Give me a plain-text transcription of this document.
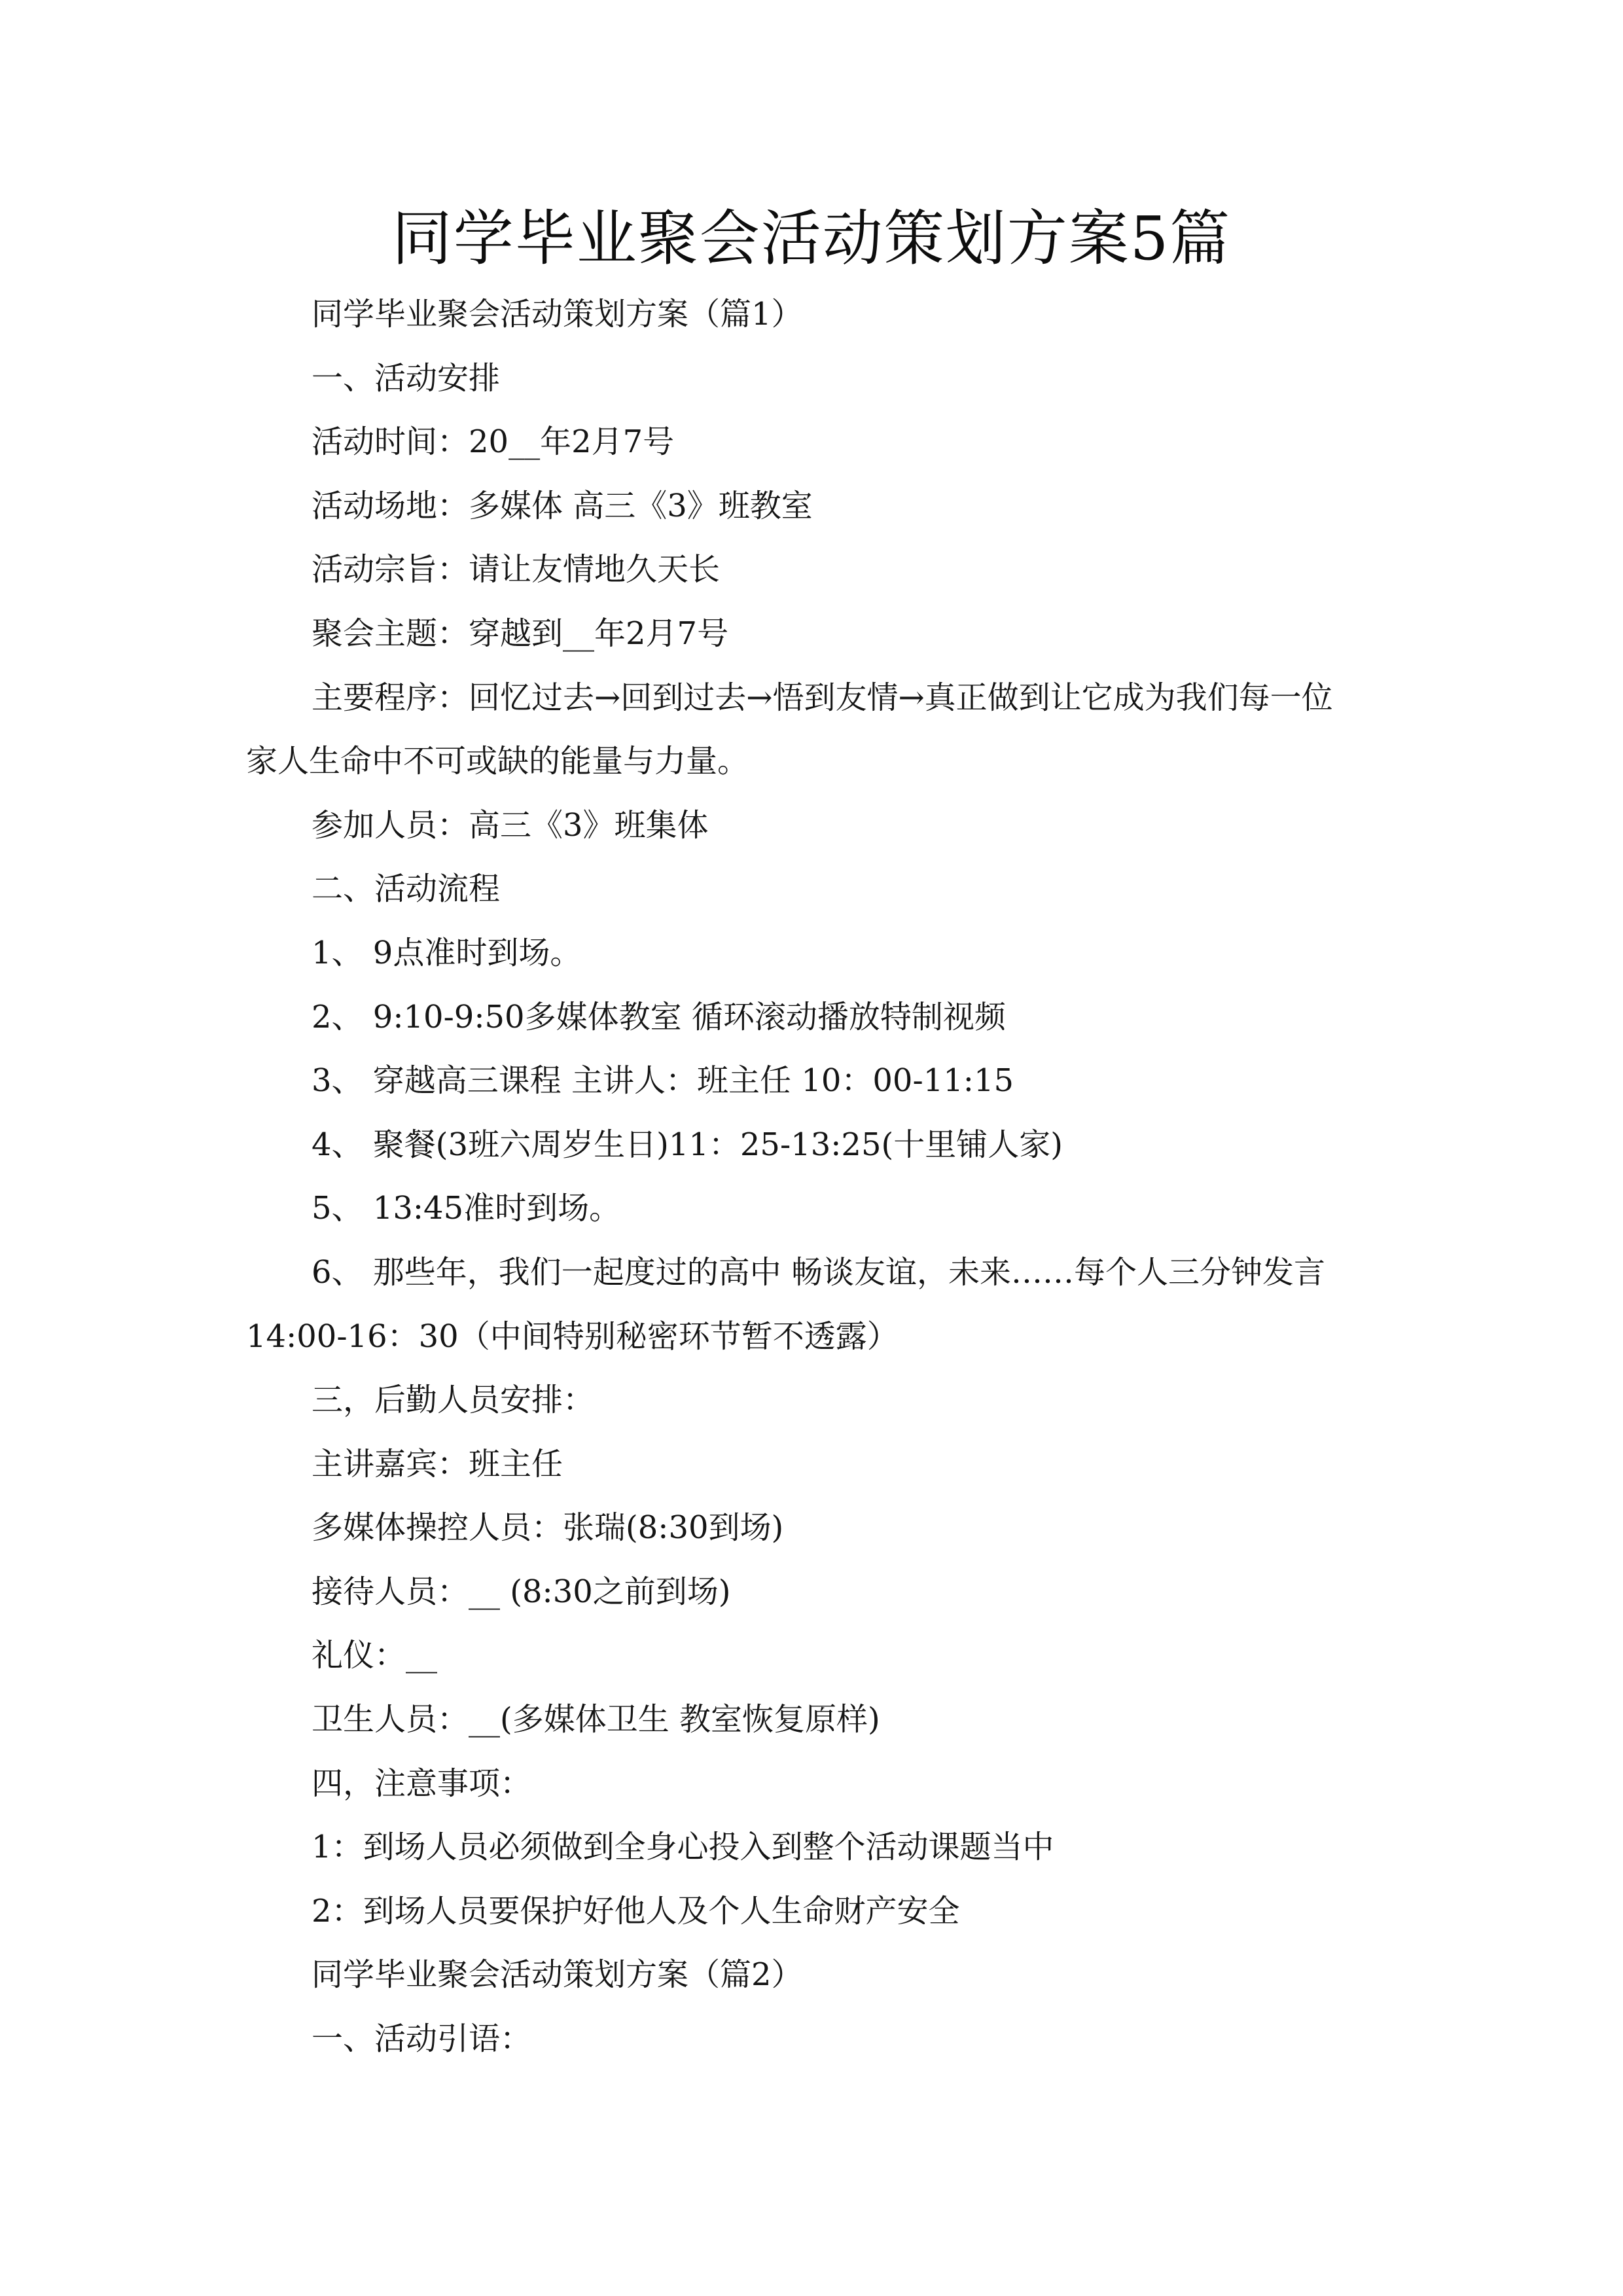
同学毕业聚会活动策划方案5篇
同学毕业聚会活动策划方案（篇1）
一、活动安排
活动时间：20__年2月7号
活动场地：多媒体 高三《3》班教室
活动宗旨：请让友情地久天长
聚会主题：穿越到__年2月7号
主要程序：回忆过去→回到过去→悟到友情→真正做到让它成为我们每一位
家人生命中不可或缺的能量与力量。
参加人员：高三《3》班集体
二、活动流程
1、 9点准时到场。
2、 9:10-9:50多媒体教室 循环滚动播放特制视频
3、 穿越高三课程 主讲人：班主任 10：00-11:15
4、 聚餐(3班六周岁生日)11：25-13:25(十里铺人家)
5、 13:45准时到场。
6、 那些年，我们一起度过的高中 畅谈友谊，未来……每个人三分钟发言
14:00-16：30（中间特别秘密环节暂不透露）
三，后勤人员安排：
主讲嘉宾：班主任
多媒体操控人员：张瑞(8:30到场)
接待人员：__ (8:30之前到场)
礼仪：__
卫生人员：__(多媒体卫生 教室恢复原样)
四，注意事项：
1：到场人员必须做到全身心投入到整个活动课题当中
2：到场人员要保护好他人及个人生命财产安全
同学毕业聚会活动策划方案（篇2）
一、活动引语：
